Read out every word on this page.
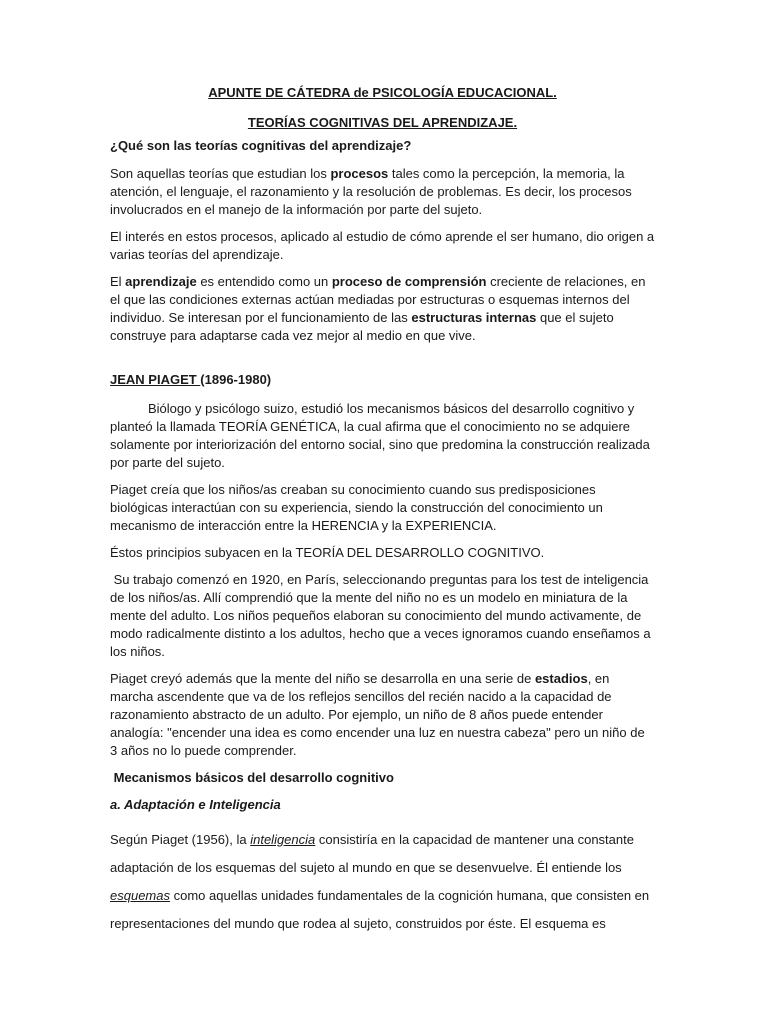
APUNTE DE CÁTEDRA de PSICOLOGÍA EDUCACIONAL.

TEORÍAS COGNITIVAS DEL APRENDIZAJE.

¿Qué son las teorías cognitivas del aprendizaje?

Son aquellas teorías que estudian los procesos tales como la percepción, la memoria, la atención, el lenguaje, el razonamiento y la resolución de problemas. Es decir, los procesos involucrados en el manejo de la información por parte del sujeto.

El interés en estos procesos, aplicado al estudio de cómo aprende el ser humano, dio origen a varias teorías del aprendizaje.

El aprendizaje es entendido como un proceso de comprensión creciente de relaciones, en el que las condiciones externas actúan mediadas por estructuras o esquemas internos del individuo. Se interesan por el funcionamiento de las estructuras internas que el sujeto construye para adaptarse cada vez mejor al medio en que vive.

JEAN PIAGET (1896-1980)

Biólogo y psicólogo suizo, estudió los mecanismos básicos del desarrollo cognitivo y planteó la llamada TEORÍA GENÉTICA, la cual afirma que el conocimiento no se adquiere solamente por interiorización del entorno social, sino que predomina la construcción realizada por parte del sujeto.

Piaget creía que los niños/as creaban su conocimiento cuando sus predisposiciones biológicas interactúan con su experiencia, siendo la construcción del conocimiento un mecanismo de interacción entre la HERENCIA y la EXPERIENCIA.

Éstos principios subyacen en la TEORÍA DEL DESARROLLO COGNITIVO.

Su trabajo comenzó en 1920, en París, seleccionando preguntas para los test de inteligencia de los niños/as. Allí comprendió que la mente del niño no es un modelo en miniatura de la mente del adulto. Los niños pequeños elaboran su conocimiento del mundo activamente, de modo radicalmente distinto a los adultos, hecho que a veces ignoramos cuando enseñamos a los niños.

Piaget creyó además que la mente del niño se desarrolla en una serie de estadios, en marcha ascendente que va de los reflejos sencillos del recién nacido a la capacidad de razonamiento abstracto de un adulto. Por ejemplo, un niño de 8 años puede entender analogía: "encender una idea es como encender una luz en nuestra cabeza" pero un niño de 3 años no lo puede comprender.

Mecanismos básicos del desarrollo cognitivo

a. Adaptación e Inteligencia

Según Piaget (1956), la inteligencia consistiría en la capacidad de mantener una constante adaptación de los esquemas del sujeto al mundo en que se desenvuelve. Él entiende los esquemas como aquellas unidades fundamentales de la cognición humana, que consisten en representaciones del mundo que rodea al sujeto, construidos por éste. El esquema es
